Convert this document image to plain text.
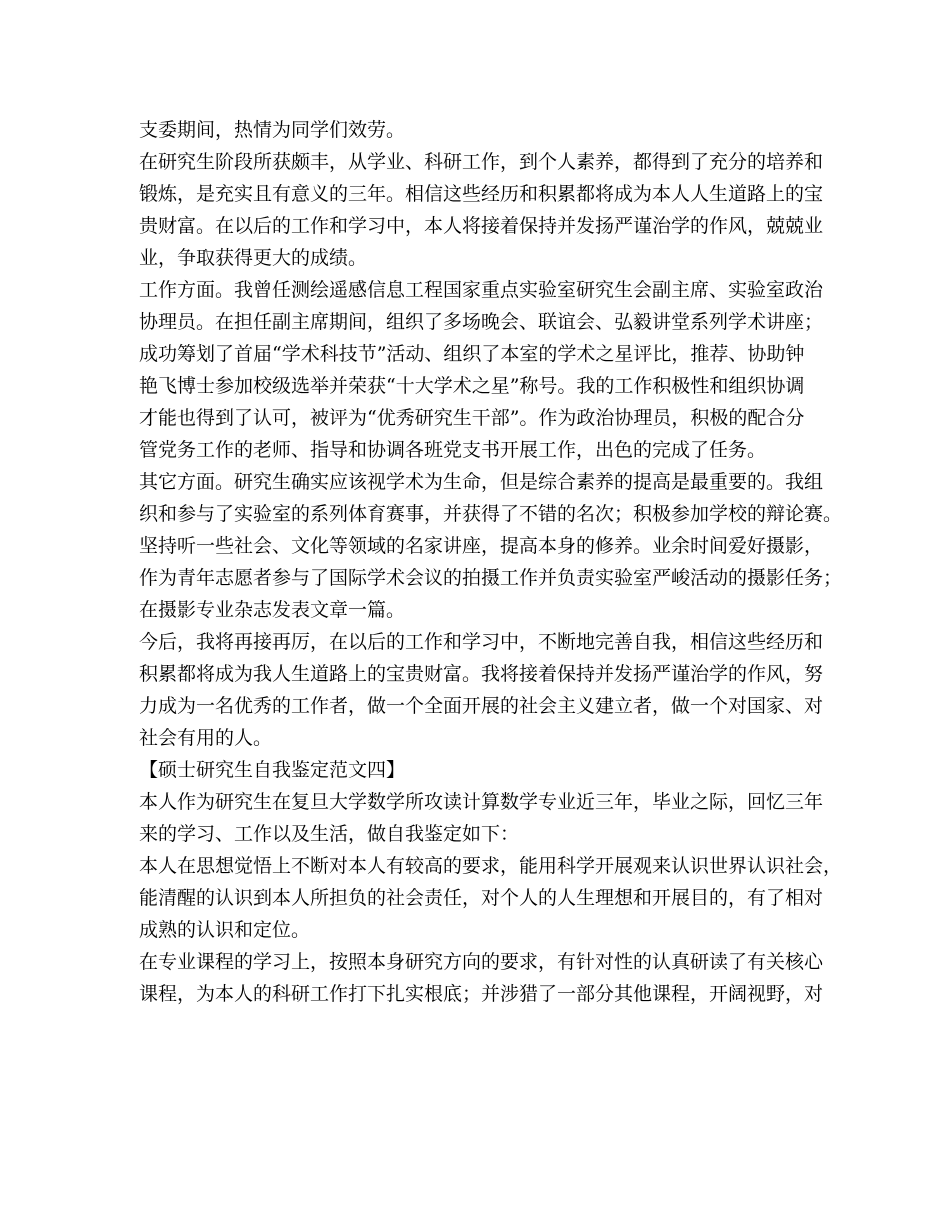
支委期间，热情为同学们效劳。
在研究生阶段所获颇丰，从学业、科研工作，到个人素养，都得到了充分的培养和
锻炼，是充实且有意义的三年。相信这些经历和积累都将成为本人人生道路上的宝
贵财富。在以后的工作和学习中，本人将接着保持并发扬严谨治学的作风，兢兢业
业，争取获得更大的成绩。
工作方面。我曾任测绘遥感信息工程国家重点实验室研究生会副主席、实验室政治
协理员。在担任副主席期间，组织了多场晚会、联谊会、弘毅讲堂系列学术讲座；
成功筹划了首届“学术科技节”活动、组织了本室的学术之星评比，推荐、协助钟
艳飞博士参加校级选举并荣获“十大学术之星”称号。我的工作积极性和组织协调
才能也得到了认可，被评为“优秀研究生干部”。作为政治协理员，积极的配合分
管党务工作的老师、指导和协调各班党支书开展工作，出色的完成了任务。
其它方面。研究生确实应该视学术为生命，但是综合素养的提高是最重要的。我组
织和参与了实验室的系列体育赛事，并获得了不错的名次；积极参加学校的辩论赛。
坚持听一些社会、文化等领域的名家讲座，提高本身的修养。业余时间爱好摄影，
作为青年志愿者参与了国际学术会议的拍摄工作并负责实验室严峻活动的摄影任务；
在摄影专业杂志发表文章一篇。
今后，我将再接再厉，在以后的工作和学习中，不断地完善自我，相信这些经历和
积累都将成为我人生道路上的宝贵财富。我将接着保持并发扬严谨治学的作风，努
力成为一名优秀的工作者，做一个全面开展的社会主义建立者，做一个对国家、对
社会有用的人。
【硕士研究生自我鉴定范文四】
本人作为研究生在复旦大学数学所攻读计算数学专业近三年，毕业之际，回忆三年
来的学习、工作以及生活，做自我鉴定如下：
本人在思想觉悟上不断对本人有较高的要求，能用科学开展观来认识世界认识社会，
能清醒的认识到本人所担负的社会责任，对个人的人生理想和开展目的，有了相对
成熟的认识和定位。
在专业课程的学习上，按照本身研究方向的要求，有针对性的认真研读了有关核心
课程，为本人的科研工作打下扎实根底；并涉猎了一部分其他课程，开阔视野，对
